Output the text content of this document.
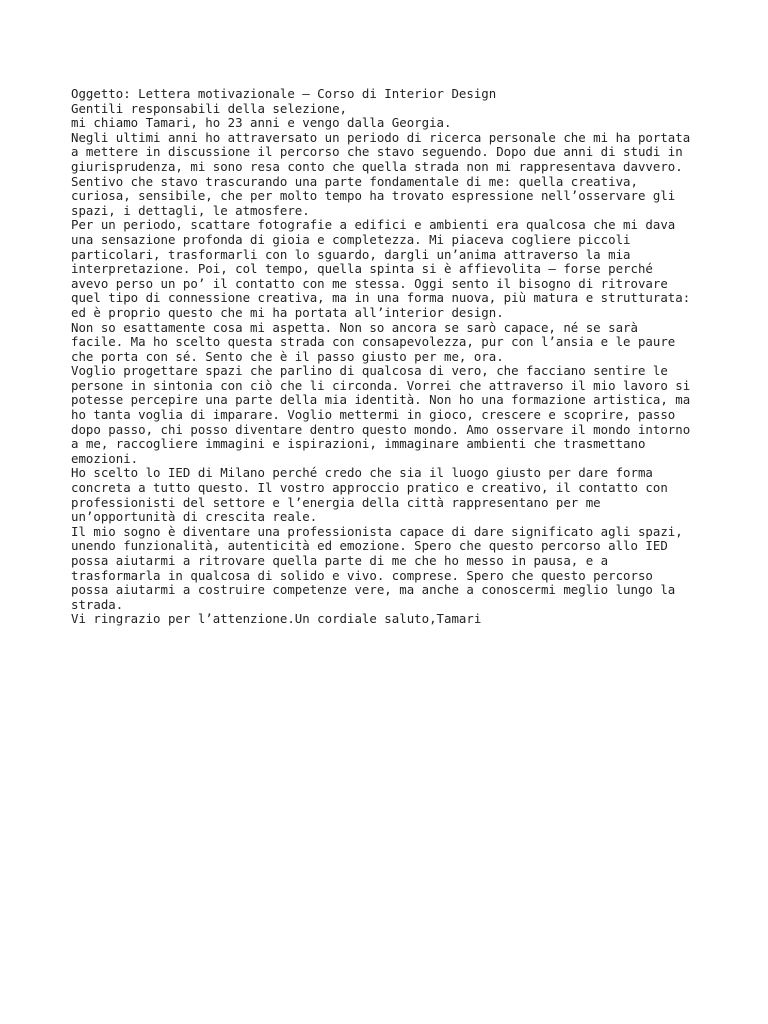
Oggetto: Lettera motivazionale – Corso di Interior Design
Gentili responsabili della selezione,
mi chiamo Tamari, ho 23 anni e vengo dalla Georgia.
Negli ultimi anni ho attraversato un periodo di ricerca personale che mi ha portata
a mettere in discussione il percorso che stavo seguendo. Dopo due anni di studi in
giurisprudenza, mi sono resa conto che quella strada non mi rappresentava davvero.
Sentivo che stavo trascurando una parte fondamentale di me: quella creativa,
curiosa, sensibile, che per molto tempo ha trovato espressione nell’osservare gli
spazi, i dettagli, le atmosfere.
Per un periodo, scattare fotografie a edifici e ambienti era qualcosa che mi dava
una sensazione profonda di gioia e completezza. Mi piaceva cogliere piccoli
particolari, trasformarli con lo sguardo, dargli un’anima attraverso la mia
interpretazione. Poi, col tempo, quella spinta si è affievolita — forse perché
avevo perso un po’ il contatto con me stessa. Oggi sento il bisogno di ritrovare
quel tipo di connessione creativa, ma in una forma nuova, più matura e strutturata:
ed è proprio questo che mi ha portata all’interior design.
Non so esattamente cosa mi aspetta. Non so ancora se sarò capace, né se sarà
facile. Ma ho scelto questa strada con consapevolezza, pur con l’ansia e le paure
che porta con sé. Sento che è il passo giusto per me, ora.
Voglio progettare spazi che parlino di qualcosa di vero, che facciano sentire le
persone in sintonia con ciò che li circonda. Vorrei che attraverso il mio lavoro si
potesse percepire una parte della mia identità. Non ho una formazione artistica, ma
ho tanta voglia di imparare. Voglio mettermi in gioco, crescere e scoprire, passo
dopo passo, chi posso diventare dentro questo mondo. Amo osservare il mondo intorno
a me, raccogliere immagini e ispirazioni, immaginare ambienti che trasmettano
emozioni.
Ho scelto lo IED di Milano perché credo che sia il luogo giusto per dare forma
concreta a tutto questo. Il vostro approccio pratico e creativo, il contatto con
professionisti del settore e l’energia della città rappresentano per me
un’opportunità di crescita reale.
Il mio sogno è diventare una professionista capace di dare significato agli spazi,
unendo funzionalità, autenticità ed emozione. Spero che questo percorso allo IED
possa aiutarmi a ritrovare quella parte di me che ho messo in pausa, e a
trasformarla in qualcosa di solido e vivo. comprese. Spero che questo percorso
possa aiutarmi a costruire competenze vere, ma anche a conoscermi meglio lungo la
strada.
Vi ringrazio per l’attenzione.Un cordiale saluto,Tamari
